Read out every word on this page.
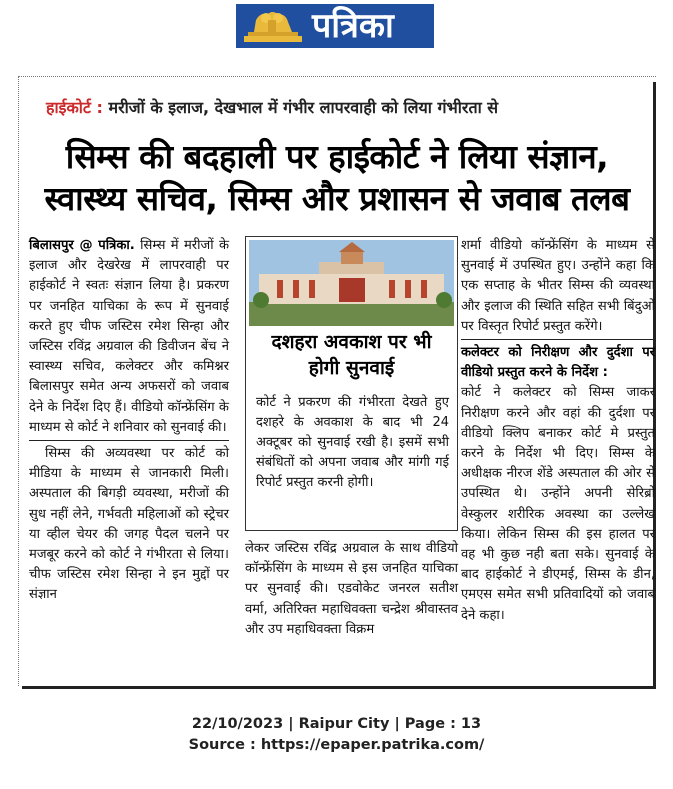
पत्रिका
हाईकोर्ट : मरीजों के इलाज, देखभाल में गंभीर लापरवाही को लिया गंभीरता से
सिम्स की बदहाली पर हाईकोर्ट ने लिया संज्ञान,
स्वास्थ्य सचिव, सिम्स और प्रशासन से जवाब तलब

बिलासपुर @ पत्रिका. सिम्स में मरीजों के इलाज और देखरेख में लापरवाही पर हाईकोर्ट ने स्वतः संज्ञान लिया है। प्रकरण पर जनहित याचिका के रूप में सुनवाई करते हुए चीफ जस्टिस रमेश सिन्हा और जस्टिस रविंद्र अग्रवाल की डिवीजन बेंच ने स्वास्थ्य सचिव, कलेक्टर और कमिश्नर बिलासपुर समेत अन्य अफसरों को जवाब देने के निर्देश दिए हैं। वीडियो कॉन्फ्रेंसिंग के माध्यम से कोर्ट ने शनिवार को सुनवाई की।

सिम्स की अव्यवस्था पर कोर्ट को मीडिया के माध्यम से जानकारी मिली। अस्पताल की बिगड़ी व्यवस्था, मरीजों की सुध नहीं लेने, गर्भवती महिलाओं को स्ट्रेचर या व्हील चेयर की जगह पैदल चलने पर मजबूर करने को कोर्ट ने गंभीरता से लिया। चीफ जस्टिस रमेश सिन्हा ने इन मुद्दों पर संज्ञान

दशहरा अवकाश पर भी होगी सुनवाई
कोर्ट ने प्रकरण की गंभीरता देखते हुए दशहरे के अवकाश के बाद भी 24 अक्टूबर को सुनवाई रखी है। इसमें सभी संबंधितों को अपना जवाब और मांगी गई रिपोर्ट प्रस्तुत करनी होगी।
लेकर जस्टिस रविंद्र अग्रवाल के साथ वीडियो कॉन्फ्रेंसिंग के माध्यम से इस जनहित याचिका पर सुनवाई की। एडवोकेट जनरल सतीश वर्मा, अतिरिक्त महाधिवक्ता चन्द्रेश श्रीवास्तव और उप महाधिवक्ता विक्रम

शर्मा वीडियो कॉन्फ्रेंसिंग के माध्यम से सुनवाई में उपस्थित हुए। उन्होंने कहा कि एक सप्ताह के भीतर सिम्स की व्यवस्था और इलाज की स्थिति सहित सभी बिंदुओं पर विस्तृत रिपोर्ट प्रस्तुत करेंगे।

कलेक्टर को निरीक्षण और दुर्दशा पर वीडियो प्रस्तुत करने के निर्देश :
कोर्ट ने कलेक्टर को सिम्स जाकर निरीक्षण करने और वहां की दुर्दशा पर वीडियो क्लिप बनाकर कोर्ट मे प्रस्तुत करने के निर्देश भी दिए। सिम्स के अधीक्षक नीरज शेंडे अस्पताल की ओर से उपस्थित थे। उन्होंने अपनी सेरिब्रो वेस्कुलर शरीरिक अवस्था का उल्लेख किया। लेकिन सिम्स की इस हालत पर वह भी कुछ नही बता सके। सुनवाई के बाद हाईकोर्ट ने डीएमई, सिम्स के डीन, एमएस समेत सभी प्रतिवादियों को जवाब देने कहा।

22/10/2023 | Raipur City | Page : 13
Source : https://epaper.patrika.com/
